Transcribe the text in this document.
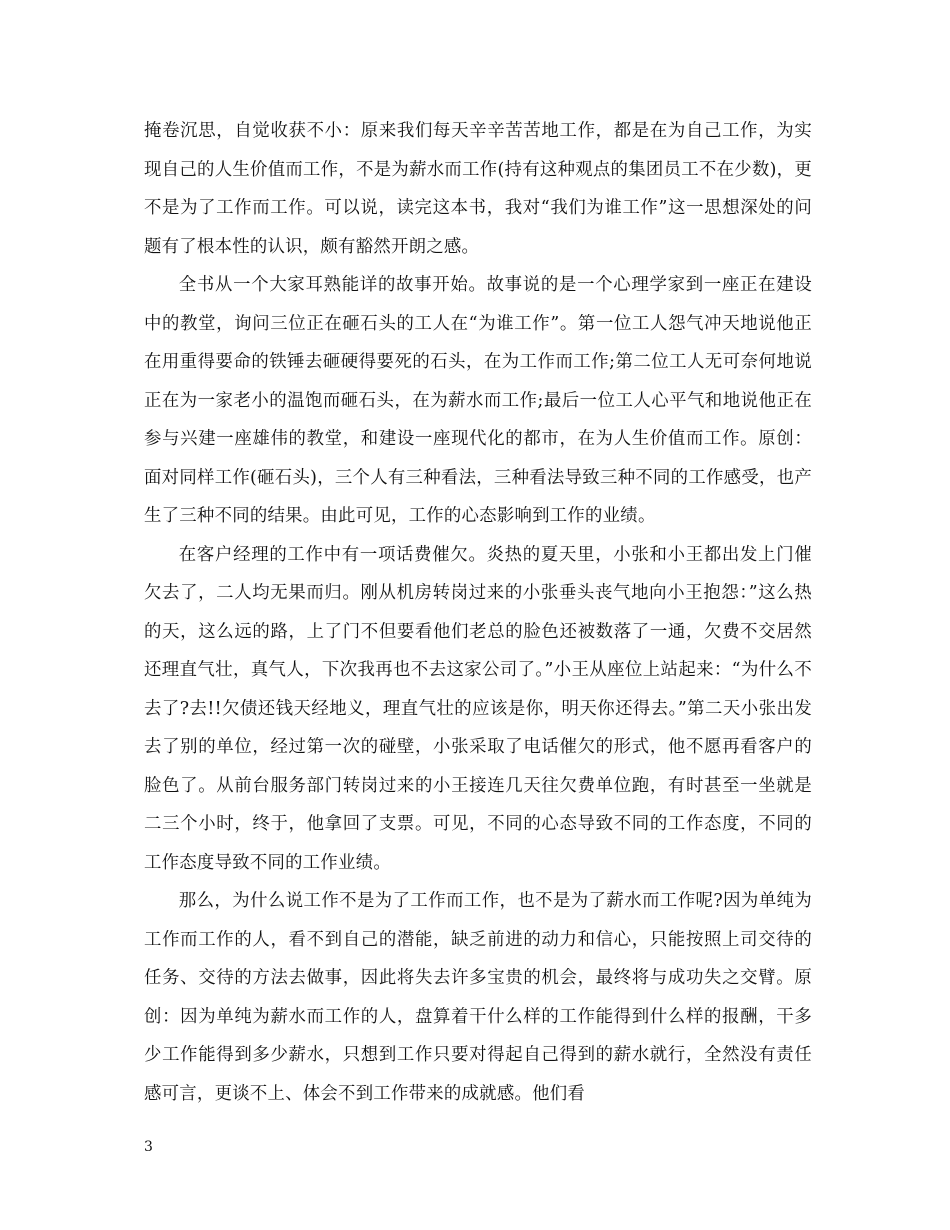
掩卷沉思，自觉收获不小：原来我们每天辛辛苦苦地工作，都是在为自己工作，为实现自己的人生价值而工作，不是为薪水而工作(持有这种观点的集团员工不在少数)，更不是为了工作而工作。可以说，读完这本书，我对“我们为谁工作”这一思想深处的问题有了根本性的认识，颇有豁然开朗之感。

全书从一个大家耳熟能详的故事开始。故事说的是一个心理学家到一座正在建设中的教堂，询问三位正在砸石头的工人在“为谁工作”。第一位工人怨气冲天地说他正在用重得要命的铁锤去砸硬得要死的石头，在为工作而工作;第二位工人无可奈何地说正在为一家老小的温饱而砸石头，在为薪水而工作;最后一位工人心平气和地说他正在参与兴建一座雄伟的教堂，和建设一座现代化的都市，在为人生价值而工作。原创：面对同样工作(砸石头)，三个人有三种看法，三种看法导致三种不同的工作感受，也产生了三种不同的结果。由此可见，工作的心态影响到工作的业绩。

在客户经理的工作中有一项话费催欠。炎热的夏天里，小张和小王都出发上门催欠去了，二人均无果而归。刚从机房转岗过来的小张垂头丧气地向小王抱怨：”这么热的天，这么远的路，上了门不但要看他们老总的脸色还被数落了一通，欠费不交居然还理直气壮，真气人，下次我再也不去这家公司了。”小王从座位上站起来：“为什么不去了?去!!欠债还钱天经地义，理直气壮的应该是你，明天你还得去。”第二天小张出发去了别的单位，经过第一次的碰壁，小张采取了电话催欠的形式，他不愿再看客户的脸色了。从前台服务部门转岗过来的小王接连几天往欠费单位跑，有时甚至一坐就是二三个小时，终于，他拿回了支票。可见，不同的心态导致不同的工作态度，不同的工作态度导致不同的工作业绩。

那么，为什么说工作不是为了工作而工作，也不是为了薪水而工作呢?因为单纯为工作而工作的人，看不到自己的潜能，缺乏前进的动力和信心，只能按照上司交待的任务、交待的方法去做事，因此将失去许多宝贵的机会，最终将与成功失之交臂。原创：因为单纯为薪水而工作的人，盘算着干什么样的工作能得到什么样的报酬，干多少工作能得到多少薪水，只想到工作只要对得起自己得到的薪水就行，全然没有责任感可言，更谈不上、体会不到工作带来的成就感。他们看

3
